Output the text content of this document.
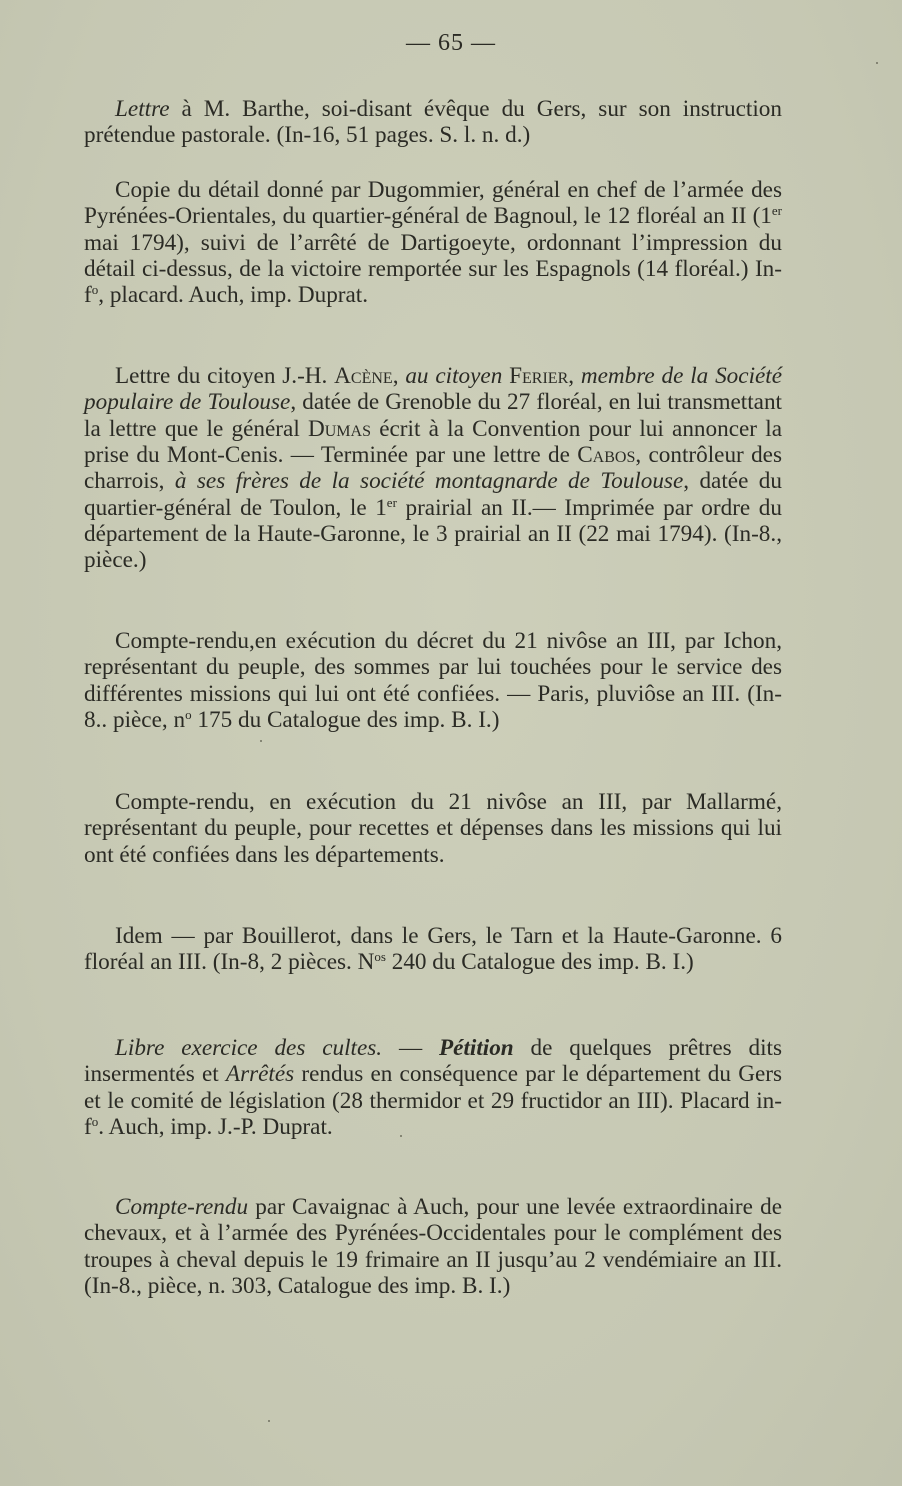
— 65 —

Lettre à M. Barthe, soi-disant évêque du Gers, sur son instruction prétendue pastorale. (In-16, 51 pages. S. l. n. d.)

Copie du détail donné par Dugommier, général en chef de l’armée des Pyrénées-Orientales, du quartier-général de Bagnoul, le 12 floréal an II (1er mai 1794), suivi de l’arrêté de Dartigoeyte, ordonnant l’impression du détail ci-dessus, de la victoire remportée sur les Espagnols (14 floréal.) $In-f^o$, placard. Auch, imp. Duprat.

Lettre du citoyen J.-H. Acène, au citoyen Ferier, membre de la Société populaire de Toulouse, datée de Grenoble du 27 floréal, en lui transmettant la lettre que le général Dumas écrit à la Convention pour lui annoncer la prise du Mont-Cenis. — Terminée par une lettre de Cabos, contrôleur des charrois, à ses frères de la société montagnarde de Toulouse, datée du quartier-général de Toulon, le 1er prairial an II.— Imprimée par ordre du département de la Haute-Garonne, le 3 prairial an II (22 mai 1794). (In-8., pièce.)

Compte-rendu,en exécution du décret du 21 nivôse an III, par Ichon, représentant du peuple, des sommes par lui touchées pour le service des différentes missions qui lui ont été confiées. — Paris, pluviôse an III. (In-8.. pièce, $n^o$ 175 du Catalogue des imp. B. I.)

Compte-rendu, en exécution du 21 nivôse an III, par Mallarmé, représentant du peuple, pour recettes et dépenses dans les missions qui lui ont été confiées dans les départements.

Idem — par Bouillerot, dans le Gers, le Tarn et la Haute-Garonne. 6 floréal an III. (In-8, 2 pièces. $N^{os}$ 240 du Catalogue des imp. B. I.)

Libre exercice des cultes. — Pétition de quelques prêtres dits insermentés et Arrêtés rendus en conséquence par le département du Gers et le comité de législation (28 thermidor et 29 fructidor an III). Placard $in-f^o$. Auch, imp. J.-P. Duprat.

Compte-rendu par Cavaignac à Auch, pour une levée extraordinaire de chevaux, et à l’armée des Pyrénées-Occidentales pour le complément des troupes à cheval depuis le 19 frimaire an II jusqu’au 2 vendémiaire an III. (In-8., pièce, n. 303, Catalogue des imp. B. I.)
